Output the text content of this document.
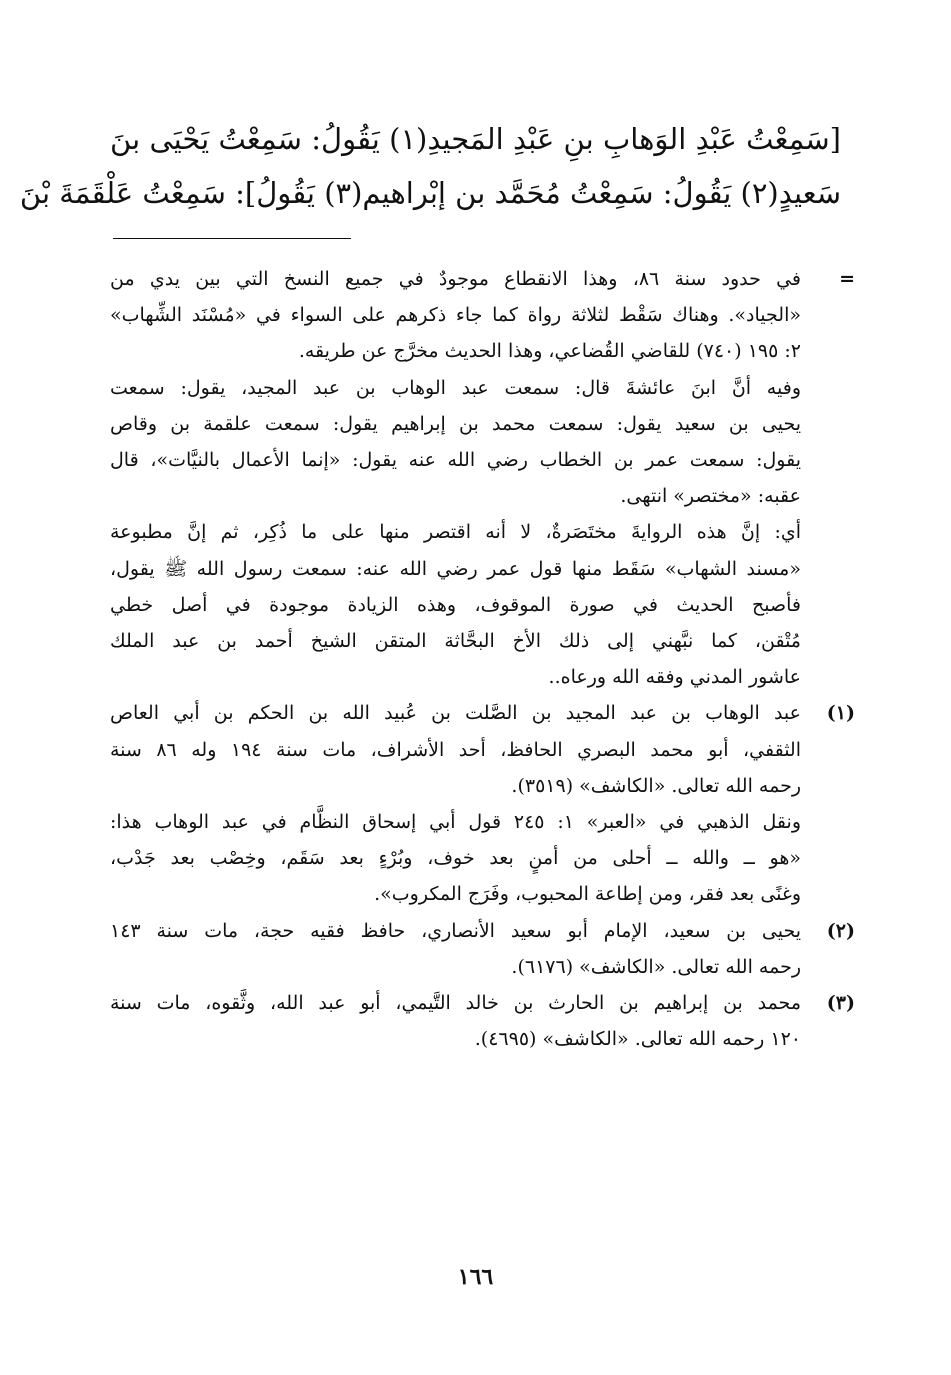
[سَمِعْتُ عَبْدِ الوَهابِ بنِ عَبْدِ المَجيدِ(١) يَقُولُ: سَمِعْتُ يَحْيَى بنَ
سَعيدٍ(٢) يَقُولُ: سَمِعْتُ مُحَمَّد بن إبْراهيم(٣) يَقُولُ]: سَمِعْتُ عَلْقَمَةَ بْنَ
=
في حدود سنة ٨٦، وهذا الانقطاع موجودٌ في جميع النسخ التي بين يدي من
«الجياد». وهناك سَقْط لثلاثة رواة كما جاء ذكرهم على السواء في «مُسْنَد الشِّهاب»
٢: ١٩٥ (٧٤٠) للقاضي القُضاعي، وهذا الحديث مخرَّج عن طريقه.
وفيه أنَّ ابنَ عائشةَ قال: سمعت عبد الوهاب بن عبد المجيد، يقول: سمعت
يحيى بن سعيد يقول: سمعت محمد بن إبراهيم يقول: سمعت علقمة بن وقاص
يقول: سمعت عمر بن الخطاب رضي الله عنه يقول: «إنما الأعمال بالنيَّات»، قال
عقبه: «مختصر» انتهى.
أي: إنَّ هذه الروايةَ مختَصَرةٌ، لا أنه اقتصر منها على ما ذُكِر، ثم إنَّ مطبوعة
«مسند الشهاب» سَقَط منها قول عمر رضي الله عنه: سمعت رسول الله ﷺ يقول،
فأصبح الحديث في صورة الموقوف، وهذه الزيادة موجودة في أصل خطي
مُتْقن، كما نبَّهني إلى ذلك الأخ البحَّاثة المتقن الشيخ أحمد بن عبد الملك
عاشور المدني وفقه الله ورعاه..
(١)
عبد الوهاب بن عبد المجيد بن الصَّلت بن عُبيد الله بن الحكم بن أبي العاص
الثقفي، أبو محمد البصري الحافظ، أحد الأشراف، مات سنة ١٩٤ وله ٨٦ سنة
رحمه الله تعالى. «الكاشف» (٣٥١٩).
ونقل الذهبي في «العبر» ١: ٢٤٥ قول أبي إسحاق النظَّام في عبد الوهاب هذا:
«هو ــ والله ــ أحلى من أمنٍ بعد خوف، وبُرْءٍ بعد سَقَم، وخِصْب بعد جَدْب،
وغنًى بعد فقر، ومن إطاعة المحبوب، وفَرَج المكروب».
(٢)
يحيى بن سعيد، الإمام أبو سعيد الأنصاري، حافظ فقيه حجة، مات سنة ١٤٣
رحمه الله تعالى. «الكاشف» (٦١٧٦).
(٣)
محمد بن إبراهيم بن الحارث بن خالد التَّيمي، أبو عبد الله، وثَّقوه، مات سنة
١٢٠ رحمه الله تعالى. «الكاشف» (٤٦٩٥).
١٦٦
